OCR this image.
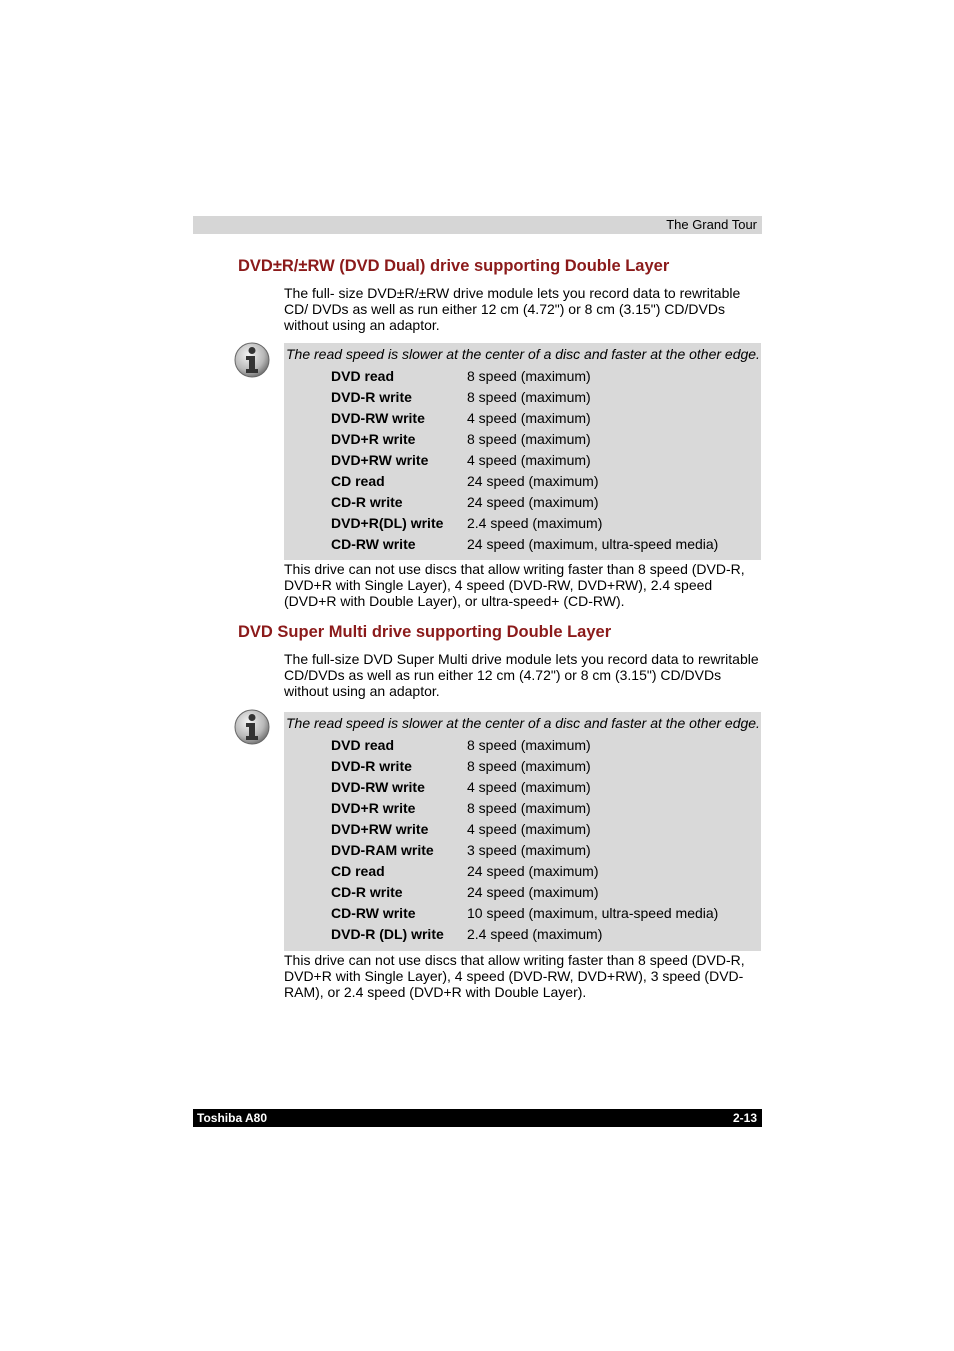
The Grand Tour
DVD±R/±RW (DVD Dual) drive supporting Double Layer

The full- size DVD±R/±RW drive module lets you record data to rewritable CD/ DVDs as well as run either 12 cm (4.72") or 8 cm (3.15") CD/DVDs without using an adaptor.

The read speed is slower at the center of a disc and faster at the other edge.

DVD read	8 speed (maximum)
DVD-R write	8 speed (maximum)
DVD-RW write	4 speed (maximum)
DVD+R write	8 speed (maximum)
DVD+RW write	4 speed (maximum)
CD read	24 speed (maximum)
CD-R write	24 speed (maximum)
DVD+R(DL) write 2.4 speed (maximum)
CD-RW write	24 speed (maximum, ultra-speed media)

This drive can not use discs that allow writing faster than 8 speed (DVD-R, DVD+R with Single Layer), 4 speed (DVD-RW, DVD+RW), 2.4 speed (DVD+R with Double Layer), or ultra-speed+ (CD-RW).

DVD Super Multi drive supporting Double Layer

The full-size DVD Super Multi drive module lets you record data to rewritable CD/DVDs as well as run either 12 cm (4.72") or 8 cm (3.15") CD/DVDs without using an adaptor.

The read speed is slower at the center of a disc and faster at the other edge.

DVD read	8 speed (maximum)
DVD-R write	8 speed (maximum)
DVD-RW write	4 speed (maximum)
DVD+R write	8 speed (maximum)
DVD+RW write	4 speed (maximum)
DVD-RAM write 3 speed (maximum)
CD read	24 speed (maximum)
CD-R write	24 speed (maximum)
CD-RW write	10 speed (maximum, ultra-speed media)
DVD-R (DL) write 2.4 speed (maximum)

This drive can not use discs that allow writing faster than 8 speed (DVD-R, DVD+R with Single Layer), 4 speed (DVD-RW, DVD+RW), 3 speed (DVD-RAM), or 2.4 speed (DVD+R with Double Layer).

Toshiba A80	2-13
